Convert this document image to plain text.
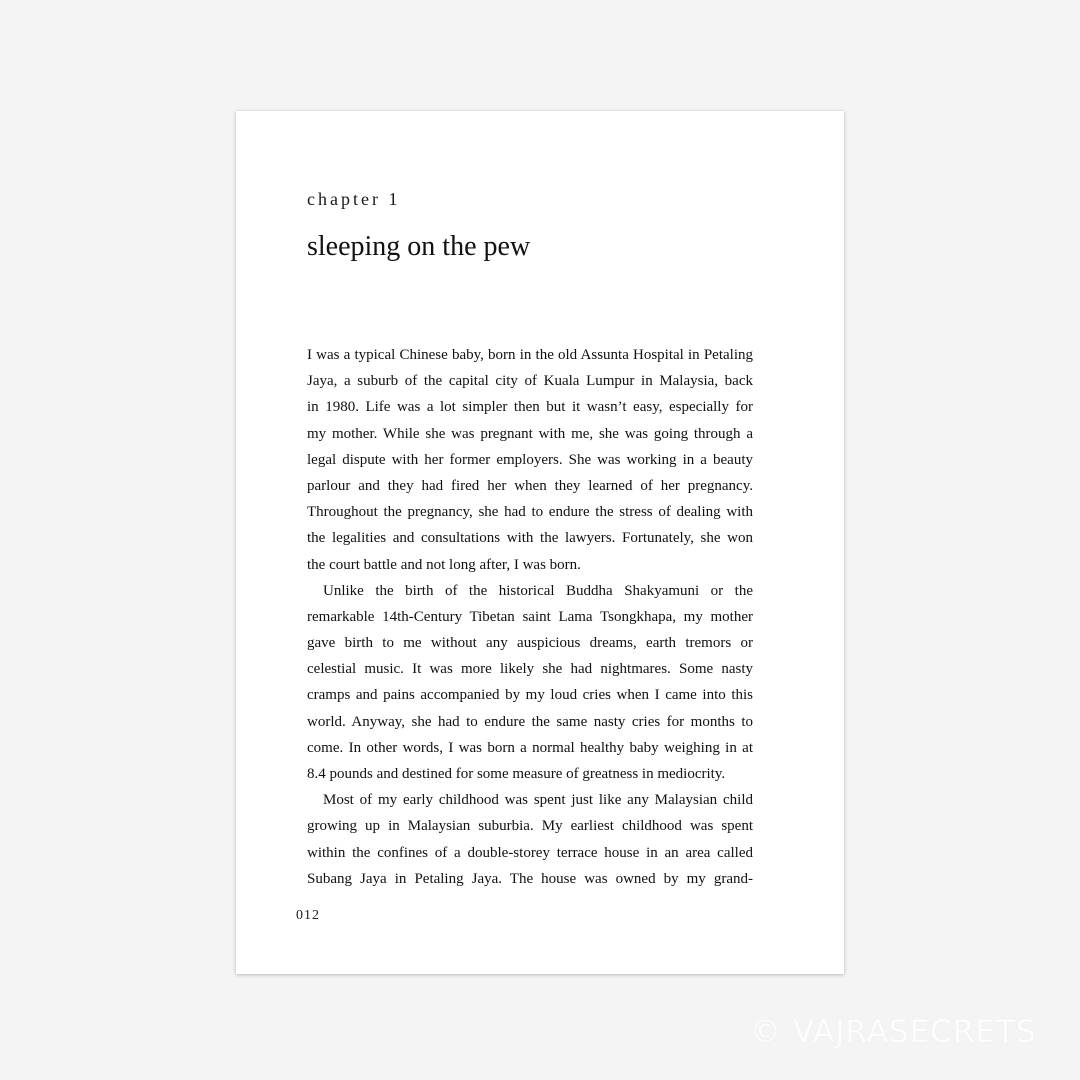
chapter 1
sleeping on the pew
I was a typical Chinese baby, born in the old Assunta Hospital in Petaling
Jaya, a suburb of the capital city of Kuala Lumpur in Malaysia, back
in 1980. Life was a lot simpler then but it wasn’t easy, especially for
my mother. While she was pregnant with me, she was going through a
legal dispute with her former employers. She was working in a beauty
parlour and they had fired her when they learned of her pregnancy.
Throughout the pregnancy, she had to endure the stress of dealing with
the legalities and consultations with the lawyers. Fortunately, she won
the court battle and not long after, I was born.
Unlike the birth of the historical Buddha Shakyamuni or the
remarkable 14th-Century Tibetan saint Lama Tsongkhapa, my mother
gave birth to me without any auspicious dreams, earth tremors or
celestial music. It was more likely she had nightmares. Some nasty
cramps and pains accompanied by my loud cries when I came into this
world. Anyway, she had to endure the same nasty cries for months to
come. In other words, I was born a normal healthy baby weighing in at
8.4 pounds and destined for some measure of greatness in mediocrity.
Most of my early childhood was spent just like any Malaysian child
growing up in Malaysian suburbia. My earliest childhood was spent
within the confines of a double-storey terrace house in an area called
Subang Jaya in Petaling Jaya. The house was owned by my grand-

012

© VAJRASECRETS
